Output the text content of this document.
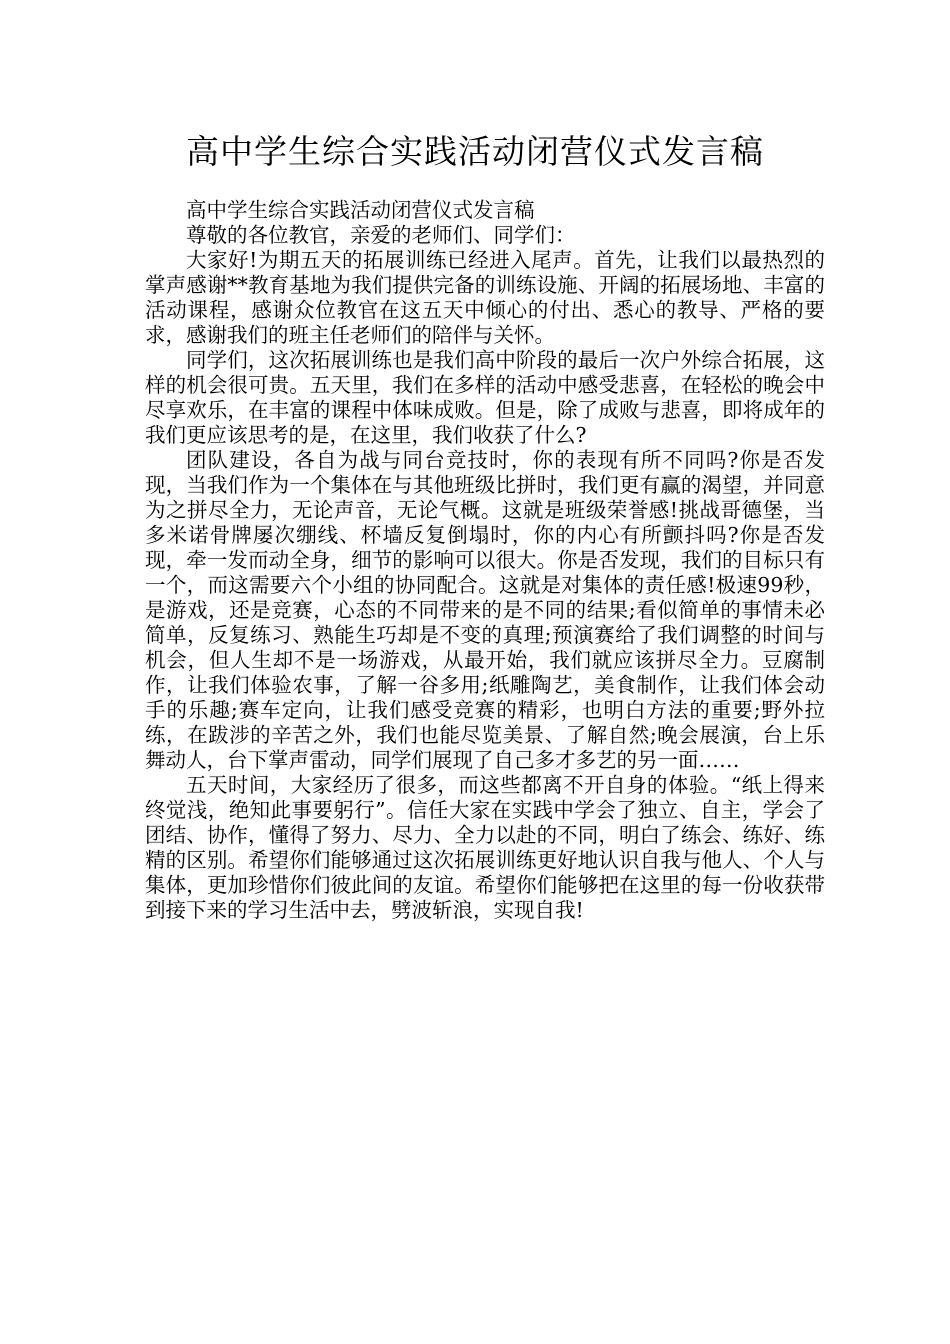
高中学生综合实践活动闭营仪式发言稿

高中学生综合实践活动闭营仪式发言稿

尊敬的各位教官，亲爱的老师们、同学们：

大家好!为期五天的拓展训练已经进入尾声。首先，让我们以最热烈的掌声感谢**教育基地为我们提供完备的训练设施、开阔的拓展场地、丰富的活动课程，感谢众位教官在这五天中倾心的付出、悉心的教导、严格的要求，感谢我们的班主任老师们的陪伴与关怀。

同学们，这次拓展训练也是我们高中阶段的最后一次户外综合拓展，这样的机会很可贵。五天里，我们在多样的活动中感受悲喜，在轻松的晚会中尽享欢乐，在丰富的课程中体味成败。但是，除了成败与悲喜，即将成年的我们更应该思考的是，在这里，我们收获了什么?

团队建设，各自为战与同台竞技时，你的表现有所不同吗?你是否发现，当我们作为一个集体在与其他班级比拼时，我们更有赢的渴望，并同意为之拼尽全力，无论声音，无论气概。这就是班级荣誉感!挑战哥德堡，当多米诺骨牌屡次绷线、杯墙反复倒塌时，你的内心有所颤抖吗?你是否发现，牵一发而动全身，细节的影响可以很大。你是否发现，我们的目标只有一个，而这需要六个小组的协同配合。这就是对集体的责任感!极速99秒，是游戏，还是竞赛，心态的不同带来的是不同的结果;看似简单的事情未必简单，反复练习、熟能生巧却是不变的真理;预演赛给了我们调整的时间与机会，但人生却不是一场游戏，从最开始，我们就应该拼尽全力。豆腐制作，让我们体验农事，了解一谷多用;纸雕陶艺，美食制作，让我们体会动手的乐趣;赛车定向，让我们感受竞赛的精彩，也明白方法的重要;野外拉练，在跋涉的辛苦之外，我们也能尽览美景、了解自然;晚会展演，台上乐舞动人，台下掌声雷动，同学们展现了自己多才多艺的另一面……

五天时间，大家经历了很多，而这些都离不开自身的体验。“纸上得来终觉浅，绝知此事要躬行”。信任大家在实践中学会了独立、自主，学会了团结、协作，懂得了努力、尽力、全力以赴的不同，明白了练会、练好、练精的区别。希望你们能够通过这次拓展训练更好地认识自我与他人、个人与集体，更加珍惜你们彼此间的友谊。希望你们能够把在这里的每一份收获带到接下来的学习生活中去，劈波斩浪，实现自我!
